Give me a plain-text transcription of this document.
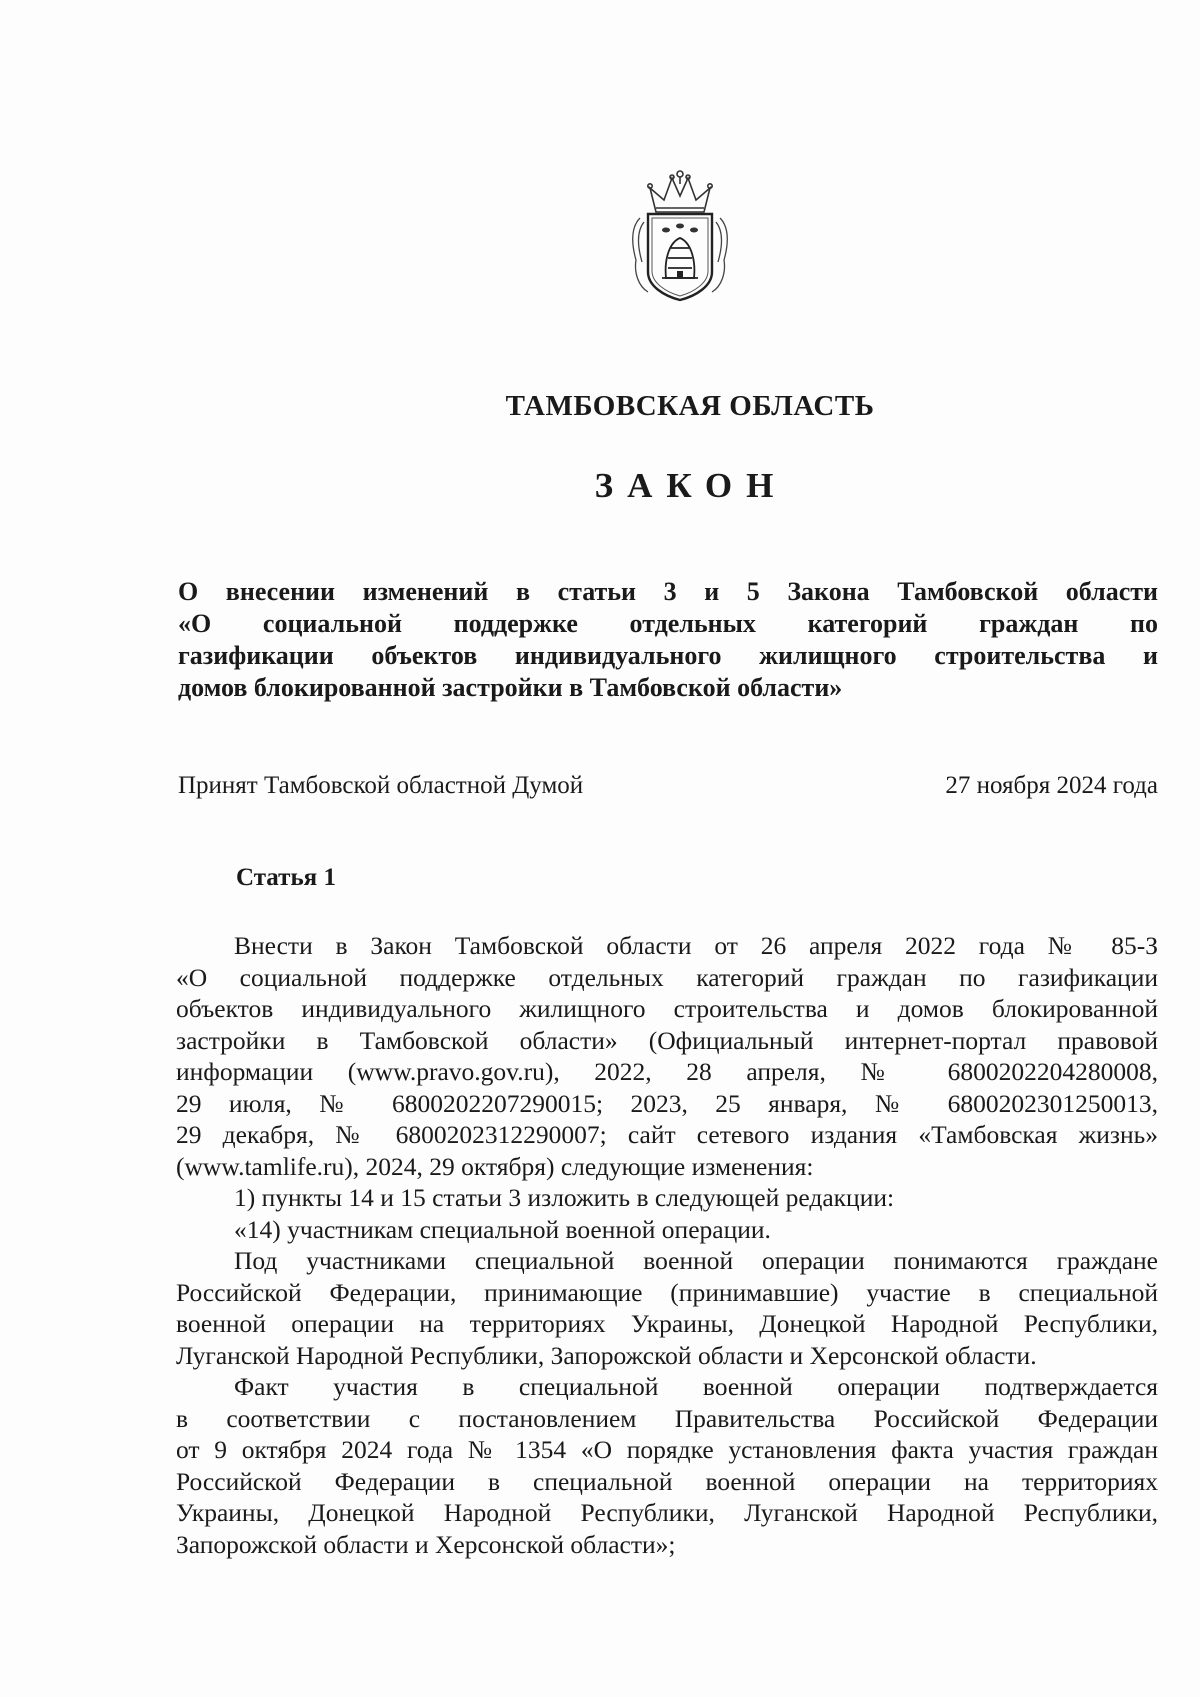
ТАМБОВСКАЯ ОБЛАСТЬ
ЗАКОН
О внесении изменений в статьи 3 и 5 Закона Тамбовской области
«О социальной поддержке отдельных категорий граждан по
газификации объектов индивидуального жилищного строительства и
домов блокированной застройки в Тамбовской области»
Принят Тамбовской областной Думой	27 ноября 2024 года
Статья 1
Внести в Закон Тамбовской области от 26 апреля 2022 года № 85-З
«О социальной поддержке отдельных категорий граждан по газификации
объектов индивидуального жилищного строительства и домов блокированной
застройки в Тамбовской области» (Официальный интернет-портал правовой
информации (www.pravo.gov.ru), 2022, 28 апреля, № 6800202204280008,
29 июля, № 6800202207290015; 2023, 25 января, № 6800202301250013,
29 декабря, № 6800202312290007; сайт сетевого издания «Тамбовская жизнь»
(www.tamlife.ru), 2024, 29 октября) следующие изменения:
1) пункты 14 и 15 статьи 3 изложить в следующей редакции:
«14) участникам специальной военной операции.
Под участниками специальной военной операции понимаются граждане
Российской Федерации, принимающие (принимавшие) участие в специальной
военной операции на территориях Украины, Донецкой Народной Республики,
Луганской Народной Республики, Запорожской области и Херсонской области.
Факт участия в специальной военной операции подтверждается
в соответствии с постановлением Правительства Российской Федерации
от 9 октября 2024 года № 1354 «О порядке установления факта участия граждан
Российской Федерации в специальной военной операции на территориях
Украины, Донецкой Народной Республики, Луганской Народной Республики,
Запорожской области и Херсонской области»;
